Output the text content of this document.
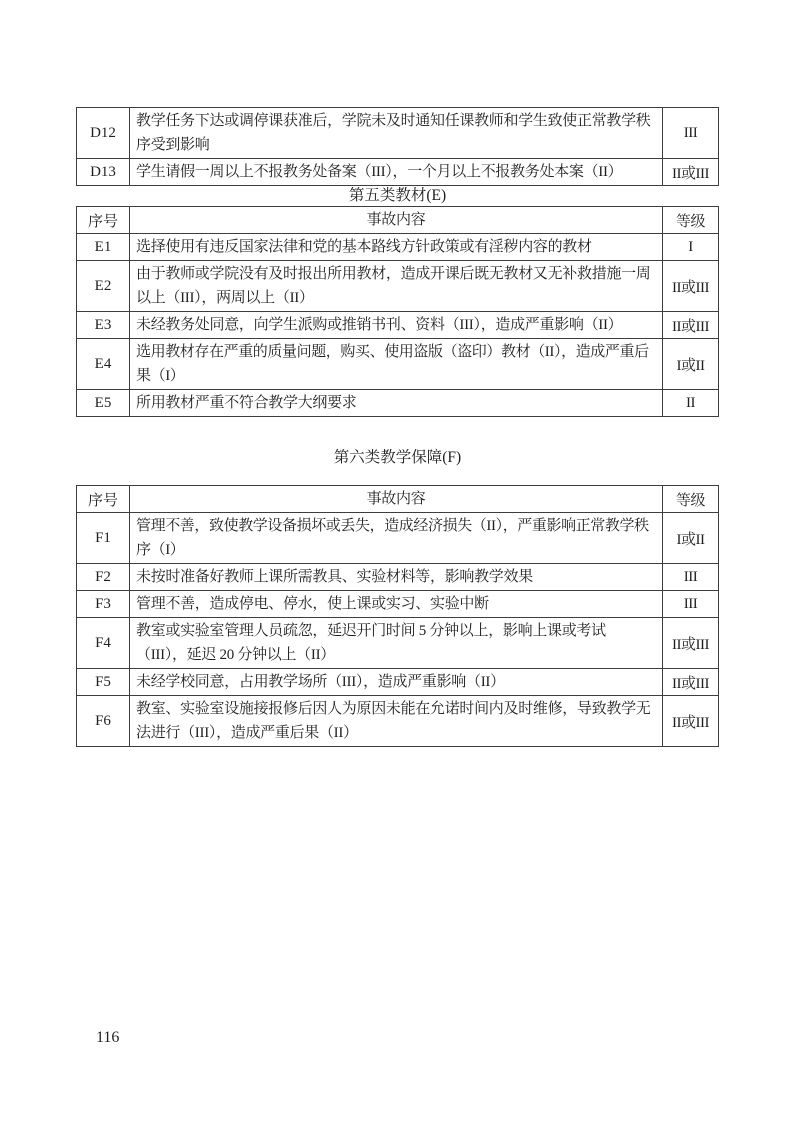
D12	教学任务下达或调停课获准后，学院未及时通知任课教师和学生致使正常教学秩序受到影响	III
D13	学生请假一周以上不报教务处备案（III），一个月以上不报教务处本案（II）	II或III
第五类教材(E)
序号	事故内容	等级
E1	选择使用有违反国家法律和党的基本路线方针政策或有淫秽内容的教材	I
E2	由于教师或学院没有及时报出所用教材，造成开课后既无教材又无补救措施一周以上（III），两周以上（II）	II或III
E3	未经教务处同意，向学生派购或推销书刊、资料（III），造成严重影响（II）	II或III
E4	选用教材存在严重的质量问题，购买、使用盗版（盗印）教材（II），造成严重后果（I）	I或II
E5	所用教材严重不符合教学大纲要求	II
第六类教学保障(F)
序号	事故内容	等级
F1	管理不善，致使教学设备损坏或丢失，造成经济损失（II），严重影响正常教学秩序（I）	I或II
F2	未按时准备好教师上课所需教具、实验材料等，影响教学效果	III
F3	管理不善，造成停电、停水，使上课或实习、实验中断	III
F4	教室或实验室管理人员疏忽，延迟开门时间 5 分钟以上，影响上课或考试（III），延迟 20 分钟以上（II）	II或III
F5	未经学校同意，占用教学场所（III），造成严重影响（II）	II或III
F6	教室、实验室设施接报修后因人为原因未能在允诺时间内及时维修，导致教学无法进行（III），造成严重后果（II）	II或III
116
